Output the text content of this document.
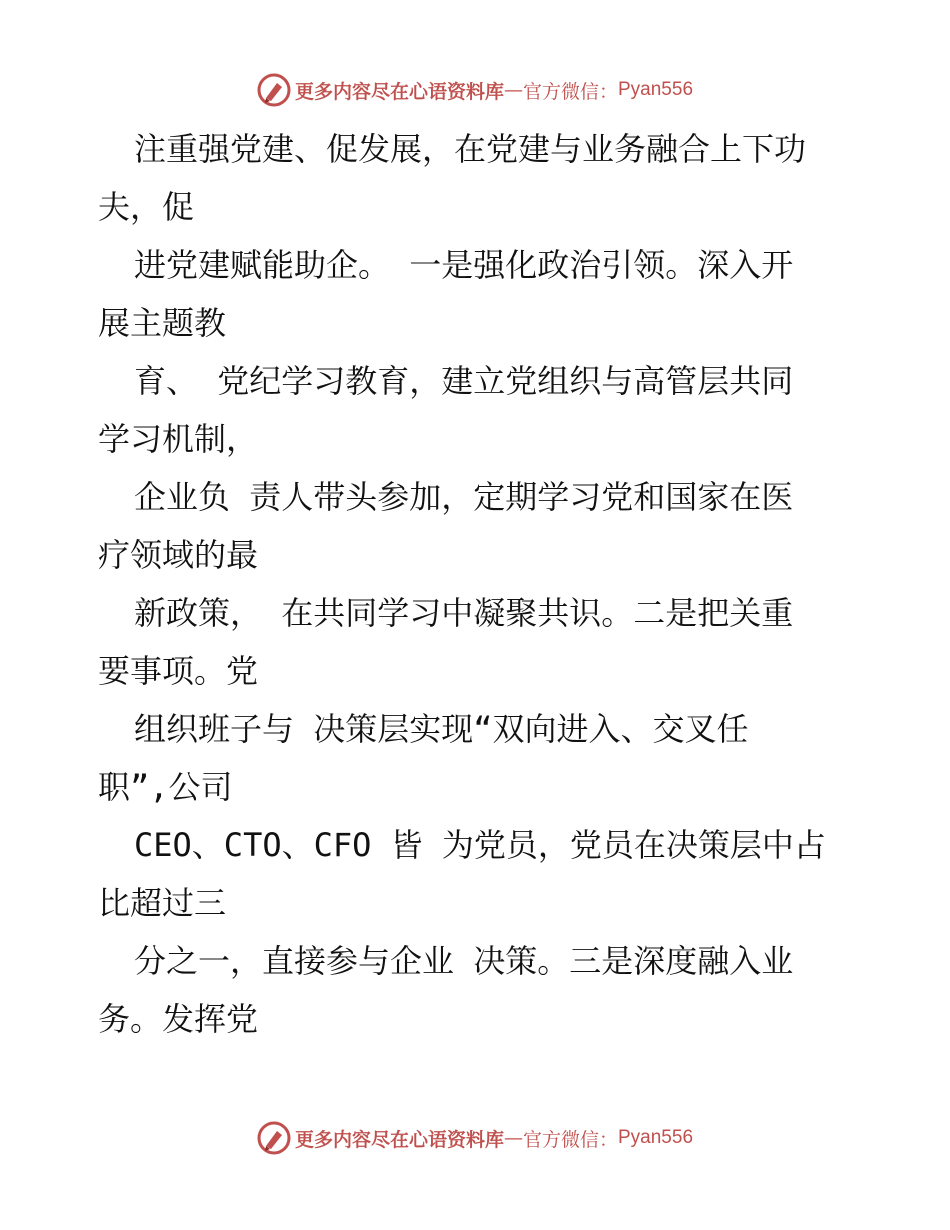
更多内容尽在心语资料库 — 官方微信： Pyan556
注重强党建、促发展，在党建与业务融合上下功
夫，促
进党建赋能助企。 一是强化政治引领。深入开
展主题教
育、 党纪学习教育，建立党组织与高管层共同
学习机制，
企业负 责人带头参加，定期学习党和国家在医
疗领域的最
新政策， 在共同学习中凝聚共识。二是把关重
要事项。党
组织班子与 决策层实现“双向进入、交叉任
职”,公司
CEO、CTO、CFO 皆 为党员，党员在决策层中占
比超过三
分之一，直接参与企业 决策。三是深度融入业
务。发挥党
更多内容尽在心语资料库 — 官方微信： Pyan556
